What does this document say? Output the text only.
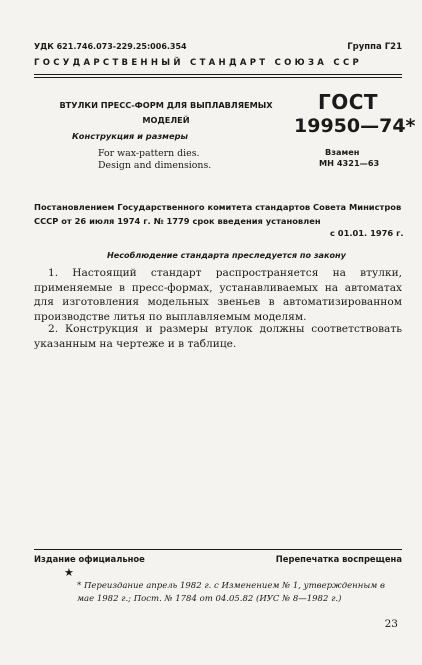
УДК 621.746.073-229.25:006.354	Группа Г21
ГОСУДАРСТВЕННЫЙ СТАНДАРТ СОЮЗА ССР
ВТУЛКИ ПРЕСС-ФОРМ ДЛЯ ВЫПЛАВЛЯЕМЫХ
МОДЕЛЕЙ
Конструкция и размеры
For wax-pattern dies.
Design and dimensions.
ГОСТ
19950—74*
Взамен
МН 4321—63
Постановлением Государственного комитета стандартов Совета Министров СССР от 26 июля 1974 г. № 1779 срок введения установлен
с 01.01. 1976 г.
Несоблюдение стандарта преследуется по закону
1. Настоящий стандарт распространяется на втулки, применяемые в пресс-формах, устанавливаемых на автоматах для изготовления модельных звеньев в автоматизированном производстве литья по выплавляемым моделям.
2. Конструкция и размеры втулок должны соответствовать указанным на чертеже и в таблице.
Издание официальное	Перепечатка воспрещена
★
* Переиздание апрель 1982 г. с Изменением № 1, утвержденным в мае 1982 г.; Пост. № 1784 от 04.05.82 (ИУС № 8—1982 г.)
23
